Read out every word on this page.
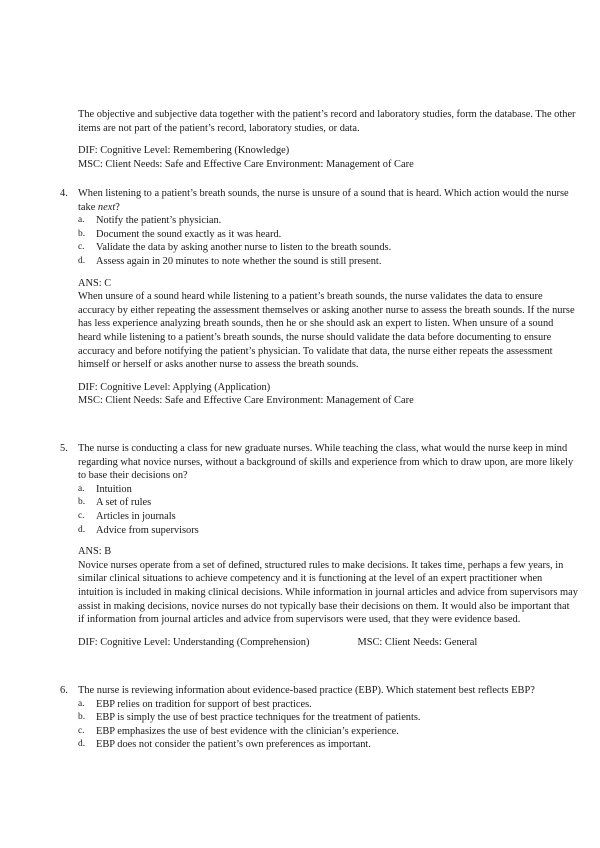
The objective and subjective data together with the patient’s record and laboratory studies, form the database. The other items are not part of the patient’s record, laboratory studies, or data.

DIF: Cognitive Level: Remembering (Knowledge)
MSC: Client Needs: Safe and Effective Care Environment: Management of Care
4. When listening to a patient’s breath sounds, the nurse is unsure of a sound that is heard. Which action would the nurse take next?
a.	Notify the patient’s physician.
b.	Document the sound exactly as it was heard.
c.	Validate the data by asking another nurse to listen to the breath sounds.
d.	Assess again in 20 minutes to note whether the sound is still present.
ANS: C

When unsure of a sound heard while listening to a patient’s breath sounds, the nurse validates the data to ensure accuracy by either repeating the assessment themselves or asking another nurse to assess the breath sounds. If the nurse has less experience analyzing breath sounds, then he or she should ask an expert to listen. When unsure of a sound heard while listening to a patient’s breath sounds, the nurse should validate the data before documenting to ensure accuracy and before notifying the patient’s physician. To validate that data, the nurse either repeats the assessment himself or herself or asks another nurse to assess the breath sounds.

DIF: Cognitive Level: Applying (Application)
MSC: Client Needs: Safe and Effective Care Environment: Management of Care
5. The nurse is conducting a class for new graduate nurses. While teaching the class, what would the nurse keep in mind regarding what novice nurses, without a background of skills and experience from which to draw upon, are more likely to base their decisions on?
a.	Intuition
b.	A set of rules
c.	Articles in journals
d.	Advice from supervisors
ANS: B

Novice nurses operate from a set of defined, structured rules to make decisions. It takes time, perhaps a few years, in similar clinical situations to achieve competency and it is functioning at the level of an expert practitioner when intuition is included in making clinical decisions. While information in journal articles and advice from supervisors may assist in making decisions, novice nurses do not typically base their decisions on them. It would also be important that if information from journal articles and advice from supervisors were used, that they were evidence based.

DIF: Cognitive Level: Understanding (Comprehension)	MSC: Client Needs: General
6. The nurse is reviewing information about evidence-based practice (EBP). Which statement best reflects EBP?
a.	EBP relies on tradition for support of best practices.
b.	EBP is simply the use of best practice techniques for the treatment of patients.
c.	EBP emphasizes the use of best evidence with the clinician’s experience.
d.	EBP does not consider the patient’s own preferences as important.
